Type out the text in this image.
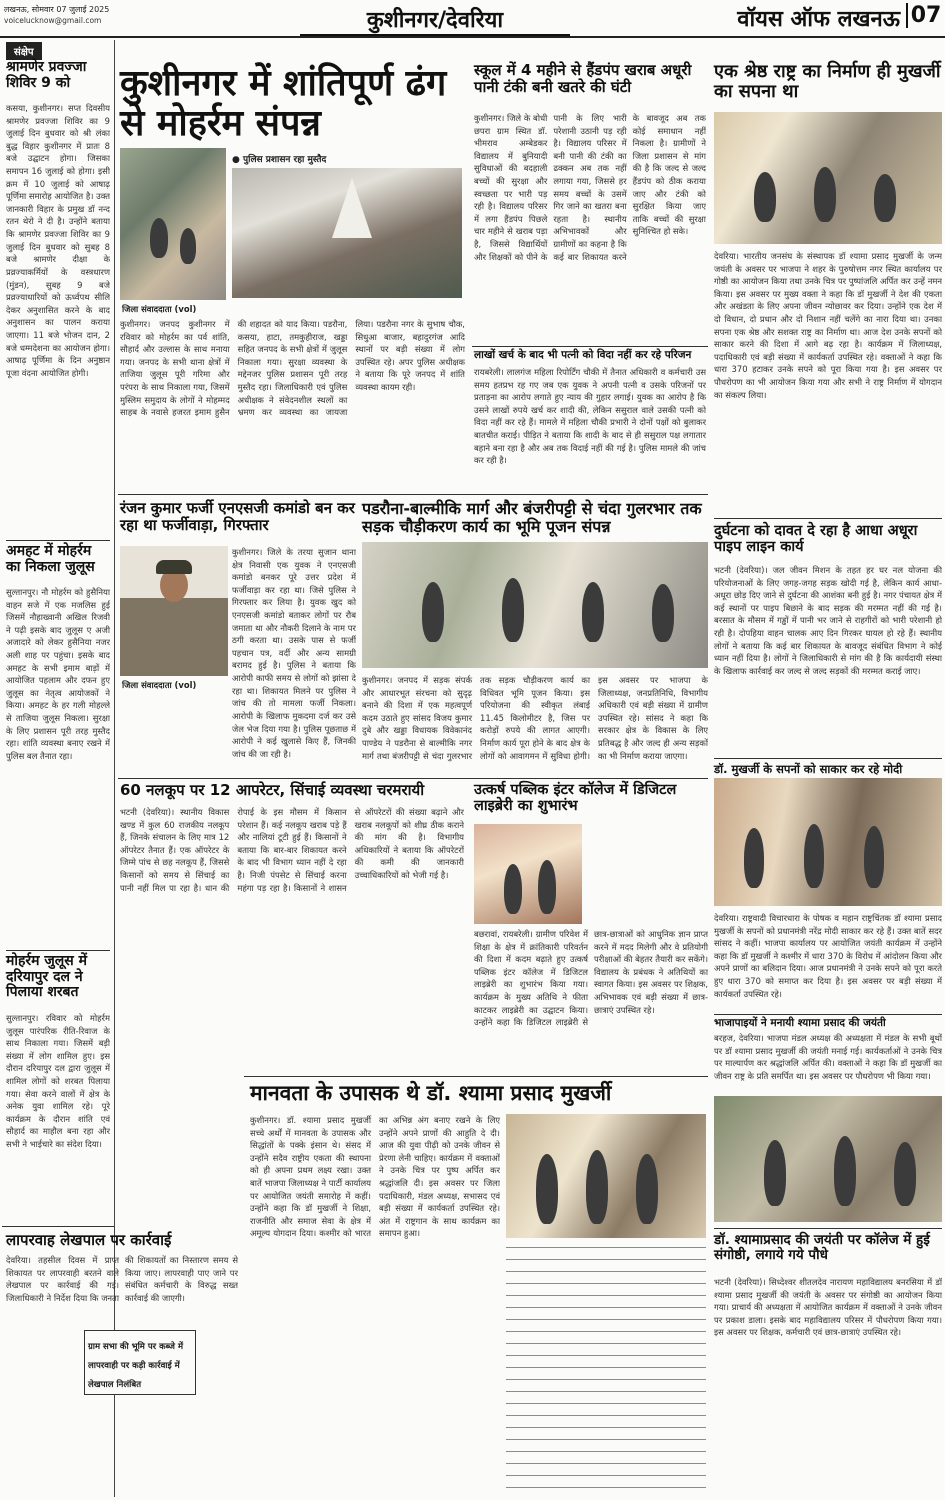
लखनऊ, सोमवार 07 जुलाई 2025
voicelucknow@gmail.com	कुशीनगर/देवरिया	वॉयस ऑफ लखनऊ 07
संक्षेप
श्रामणेर प्रवज्जा शिविर 9 को
कसया, कुशीनगर। सप्त दिवसीय श्रामणेर प्रवज्जा शिविर का 9 जुलाई दिन बुधवार को श्री लंका बुद्ध विहार कुशीनगर में प्रातः 8 बजे उद्घाटन होगा। जिसका समापन 16 जुलाई को होगा। इसी क्रम में 10 जुलाई को आषाढ़ पूर्णिमा समारोह आयोजित है। उक्त जानकारी विहार के प्रमुख डॉ नन्द रतन थेरो ने दी है। उन्होंने बताया कि श्रामणेर प्रवज्जा शिविर का 9 जुलाई दिन बुधवार को सुबह 8 बजे श्रामणेर दीक्षा के प्रव्रज्याकर्मियों के वस्त्रधारण (मुंडन), सुबह 9 बजे प्रव्रज्याधारियों को ऊर्ध्वपथ सीलि देकर अनुशासित करने के बाद अनुशासन का पालन कराया जाएगा। 11 बजे भोजन दान, 2 बजे धम्मदेशना का आयोजन होगा। आषाढ़ पूर्णिमा के दिन अनुष्ठान पूजा वंदना आयोजित होगी।
अमहट में मोहर्रम का निकला जुलूस
सुल्तानपुर। नौ मोहर्रम को हुसैनिया वाहन सजे में एक मजलिस हुई जिसमें नौहाख्वानी अखिल रिजवी ने पढ़ी इसके बाद जुलूस ए अजी अजादारे को लेकर हुसैनिया नजर अली शाह पर पहुंचा। इसके बाद अमहट के सभी इमाम बाड़ों में आयोजित पहलाम और दफन हुए जुलूस का नेतृत्व आयोजकों ने किया। अमहट के हर गली मोहल्ले से ताजिया जुलूस निकला। सुरक्षा के लिए प्रशासन पूरी तरह मुस्तैद रहा। शांति व्यवस्था बनाए रखने में पुलिस बल तैनात रहा।
मोहर्रम जुलूस में दरियापुर दल ने पिलाया शरबत
सुल्तानपुर। रविवार को मोहर्रम जुलूस पारंपरिक रीति-रिवाज के साथ निकाला गया। जिसमें बड़ी संख्या में लोग शामिल हुए। इस दौरान दरियापुर दल द्वारा जुलूस में शामिल लोगों को शरबत पिलाया गया। सेवा करने वालों में क्षेत्र के अनेक युवा शामिल रहे। पूरे कार्यक्रम के दौरान शांति एवं सौहार्द का माहौल बना रहा और सभी ने भाईचारे का संदेश दिया।
कुशीनगर में शांतिपूर्ण ढंग से मोहर्रम संपन्न
● पुलिस प्रशासन रहा मुस्तैद
जिला संवाददाता (vol)
कुशीनगर। जनपद कुशीनगर में रविवार को मोहर्रम का पर्व शांति, सौहार्द और उल्लास के साथ मनाया गया। जनपद के सभी थाना क्षेत्रों में ताजिया जुलूस पूरी गरिमा और परंपरा के साथ निकाला गया, जिसमें मुस्लिम समुदाय के लोगों ने मोहम्मद साहब के नवासे हजरत इमाम हुसैन की शहादत को याद किया। पडरौना, कसया, हाटा, तमकुहीराज, खड्डा सहित जनपद के सभी क्षेत्रों में जुलूस निकाला गया। सुरक्षा व्यवस्था के मद्देनजर पुलिस प्रशासन पूरी तरह मुस्तैद रहा। जिलाधिकारी एवं पुलिस अधीक्षक ने संवेदनशील स्थलों का भ्रमण कर व्यवस्था का जायजा लिया। पडरौना नगर के सुभाष चौक, सिधुआ बाजार, बहादुरगंज आदि स्थानों पर बड़ी संख्या में लोग उपस्थित रहे। अपर पुलिस अधीक्षक ने बताया कि पूरे जनपद में शांति व्यवस्था कायम रही।
स्कूल में 4 महीने से हैंडपंप खराब अधूरी पानी टंकी बनी खतरे की घंटी
कुशीनगर। जिले के बोधी छपरा ग्राम स्थित डॉ. भीमराव अम्बेडकर विद्यालय में बुनियादी सुविधाओं की बदहाली बच्चों की सुरक्षा और स्वच्छता पर भारी पड़ रही है। विद्यालय परिसर में लगा हैंडपंप पिछले चार महीने से खराब पड़ा है, जिससे विद्यार्थियों और शिक्षकों को पीने के पानी के लिए भारी परेशानी उठानी पड़ रही है। विद्यालय परिसर में बनी पानी की टंकी का ढक्कन अब तक नहीं लगाया गया, जिससे हर समय बच्चों के उसमें गिर जाने का खतरा बना रहता है। स्थानीय अभिभावकों और ग्रामीणों का कहना है कि कई बार शिकायत करने के बावजूद अब तक कोई समाधान नहीं निकला है। ग्रामीणों ने जिला प्रशासन से मांग की है कि जल्द से जल्द हैंडपंप को ठीक कराया जाए और टंकी को सुरक्षित किया जाए ताकि बच्चों की सुरक्षा सुनिश्चित हो सके।
लाखों खर्च के बाद भी पत्नी को विदा नहीं कर रहे परिजन
रायबरेली। लालगंज महिला रिपोर्टिंग चौकी में तैनात अधिकारी व कर्मचारी उस समय हतप्रभ रह गए जब एक युवक ने अपनी पत्नी व उसके परिजनों पर प्रताड़ना का आरोप लगाते हुए न्याय की गुहार लगाई। युवक का आरोप है कि उसने लाखों रुपये खर्च कर शादी की, लेकिन ससुराल वाले उसकी पत्नी को विदा नहीं कर रहे हैं। मामले में महिला चौकी प्रभारी ने दोनों पक्षों को बुलाकर बातचीत कराई। पीड़ित ने बताया कि शादी के बाद से ही ससुराल पक्ष लगातार बहाने बना रहा है और अब तक विदाई नहीं की गई है। पुलिस मामले की जांच कर रही है।
एक श्रेष्ठ राष्ट्र का निर्माण ही मुखर्जी का सपना था
देवरिया। भारतीय जनसंघ के संस्थापक डॉ श्यामा प्रसाद मुखर्जी के जन्म जयंती के अवसर पर भाजपा ने शहर के पुरुषोत्तम नगर स्थित कार्यालय पर गोष्ठी का आयोजन किया तथा उनके चित्र पर पुष्पांजलि अर्पित कर उन्हें नमन किया। इस अवसर पर मुख्य वक्ता ने कहा कि डॉ मुखर्जी ने देश की एकता और अखंडता के लिए अपना जीवन न्योछावर कर दिया। उन्होंने एक देश में दो विधान, दो प्रधान और दो निशान नहीं चलेंगे का नारा दिया था। उनका सपना एक श्रेष्ठ और सशक्त राष्ट्र का निर्माण था। आज देश उनके सपनों को साकार करने की दिशा में आगे बढ़ रहा है। कार्यक्रम में जिलाध्यक्ष, पदाधिकारी एवं बड़ी संख्या में कार्यकर्ता उपस्थित रहे। वक्ताओं ने कहा कि धारा 370 हटाकर उनके सपने को पूरा किया गया है। इस अवसर पर पौधरोपण का भी आयोजन किया गया और सभी ने राष्ट्र निर्माण में योगदान का संकल्प लिया।
रंजन कुमार फर्जी एनएसजी कमांडो बन कर रहा था फर्जीवाड़ा, गिरफ्तार
जिला संवाददाता (vol)
कुशीनगर। जिले के तरया सुजान थाना क्षेत्र निवासी एक युवक ने एनएसजी कमांडो बनकर पूरे उत्तर प्रदेश में फर्जीवाड़ा कर रहा था। जिसे पुलिस ने गिरफ्तार कर लिया है। युवक खुद को एनएसजी कमांडो बताकर लोगों पर रौब जमाता था और नौकरी दिलाने के नाम पर ठगी करता था। उसके पास से फर्जी पहचान पत्र, वर्दी और अन्य सामग्री बरामद हुई है। पुलिस ने बताया कि आरोपी काफी समय से लोगों को झांसा दे रहा था। शिकायत मिलने पर पुलिस ने जांच की तो मामला फर्जी निकला। आरोपी के खिलाफ मुकदमा दर्ज कर उसे जेल भेज दिया गया है। पुलिस पूछताछ में आरोपी ने कई खुलासे किए हैं, जिनकी जांच की जा रही है।
पडरौना-बाल्मीकि मार्ग और बंजरीपट्टी से चंदा गुलरभार तक सड़क चौड़ीकरण कार्य का भूमि पूजन संपन्न
कुशीनगर। जनपद में सड़क संपर्क और आधारभूत संरचना को सुदृढ़ बनाने की दिशा में एक महत्वपूर्ण कदम उठाते हुए सांसद विजय कुमार दुबे और खड्डा विधायक विवेकानंद पाण्डेय ने पडरौना से बाल्मीकि नगर मार्ग तथा बंजरीपट्टी से चंदा गुलरभार तक सड़क चौड़ीकरण कार्य का विधिवत भूमि पूजन किया। इस परियोजना की स्वीकृत लंबाई 11.45 किलोमीटर है, जिस पर करोड़ों रुपये की लागत आएगी। निर्माण कार्य पूरा होने के बाद क्षेत्र के लोगों को आवागमन में सुविधा होगी। इस अवसर पर भाजपा के जिलाध्यक्ष, जनप्रतिनिधि, विभागीय अधिकारी एवं बड़ी संख्या में ग्रामीण उपस्थित रहे। सांसद ने कहा कि सरकार क्षेत्र के विकास के लिए प्रतिबद्ध है और जल्द ही अन्य सड़कों का भी निर्माण कराया जाएगा।
दुर्घटना को दावत दे रहा है आधा अधूरा पाइप लाइन कार्य
भटनी (देवरिया)। जल जीवन मिशन के तहत हर घर नल योजना की परियोजनाओं के लिए जगह-जगह सड़क खोदी गई है, लेकिन कार्य आधा-अधूरा छोड़ दिए जाने से दुर्घटना की आशंका बनी हुई है। नगर पंचायत क्षेत्र में कई स्थानों पर पाइप बिछाने के बाद सड़क की मरम्मत नहीं की गई है। बरसात के मौसम में गड्ढों में पानी भर जाने से राहगीरों को भारी परेशानी हो रही है। दोपहिया वाहन चालक आए दिन गिरकर घायल हो रहे हैं। स्थानीय लोगों ने बताया कि कई बार शिकायत के बावजूद संबंधित विभाग ने कोई ध्यान नहीं दिया है। लोगों ने जिलाधिकारी से मांग की है कि कार्यदायी संस्था के खिलाफ कार्रवाई कर जल्द से जल्द सड़कों की मरम्मत कराई जाए।
डॉ. मुखर्जी के सपनों को साकार कर रहे मोदी
देवरिया। राष्ट्रवादी विचारधारा के पोषक व महान राष्ट्रचिंतक डॉ श्यामा प्रसाद मुखर्जी के सपनों को प्रधानमंत्री नरेंद्र मोदी साकार कर रहे हैं। उक्त बातें सदर सांसद ने कहीं। भाजपा कार्यालय पर आयोजित जयंती कार्यक्रम में उन्होंने कहा कि डॉ मुखर्जी ने कश्मीर में धारा 370 के विरोध में आंदोलन किया और अपने प्राणों का बलिदान दिया। आज प्रधानमंत्री ने उनके सपने को पूरा करते हुए धारा 370 को समाप्त कर दिया है। इस अवसर पर बड़ी संख्या में कार्यकर्ता उपस्थित रहे।
भाजापाइयों ने मनायी श्यामा प्रसाद की जयंती
बरहज, देवरिया। भाजपा मंडल अध्यक्ष की अध्यक्षता में मंडल के सभी बूथों पर डॉ श्यामा प्रसाद मुखर्जी की जयंती मनाई गई। कार्यकर्ताओं ने उनके चित्र पर माल्यार्पण कर श्रद्धांजलि अर्पित की। वक्ताओं ने कहा कि डॉ मुखर्जी का जीवन राष्ट्र के प्रति समर्पित था। इस अवसर पर पौधरोपण भी किया गया।
डॉ. श्यामाप्रसाद की जयंती पर कॉलेज में हुई संगोष्ठी, लगाये गये पौधे
भटनी (देवरिया)। सिध्देश्वर शीतलदेव नारायण महाविद्यालय बनरसिया में डॉ श्यामा प्रसाद मुखर्जी की जयंती के अवसर पर संगोष्ठी का आयोजन किया गया। प्राचार्य की अध्यक्षता में आयोजित कार्यक्रम में वक्ताओं ने उनके जीवन पर प्रकाश डाला। इसके बाद महाविद्यालय परिसर में पौधरोपण किया गया। इस अवसर पर शिक्षक, कर्मचारी एवं छात्र-छात्राएं उपस्थित रहे।
60 नलकूप पर 12 आपरेटर, सिंचाई व्यवस्था चरमरायी
भटनी (देवरिया)। स्थानीय विकास खण्ड में कुल 60 राजकीय नलकूप हैं, जिनके संचालन के लिए मात्र 12 ऑपरेटर तैनात हैं। एक ऑपरेटर के जिम्मे पांच से छह नलकूप हैं, जिससे किसानों को समय से सिंचाई का पानी नहीं मिल पा रहा है। धान की रोपाई के इस मौसम में किसान परेशान हैं। कई नलकूप खराब पड़े हैं और नालियां टूटी हुई हैं। किसानों ने बताया कि बार-बार शिकायत करने के बाद भी विभाग ध्यान नहीं दे रहा है। निजी पंपसेट से सिंचाई करना महंगा पड़ रहा है। किसानों ने शासन से ऑपरेटरों की संख्या बढ़ाने और खराब नलकूपों को शीघ्र ठीक कराने की मांग की है। विभागीय अधिकारियों ने बताया कि ऑपरेटरों की कमी की जानकारी उच्चाधिकारियों को भेजी गई है।
उत्कर्ष पब्लिक इंटर कॉलेज में डिजिटल लाइब्रेरी का शुभारंभ
बछरावां, रायबरेली। ग्रामीण परिवेश में शिक्षा के क्षेत्र में क्रांतिकारी परिवर्तन की दिशा में कदम बढ़ाते हुए उत्कर्ष पब्लिक इंटर कॉलेज में डिजिटल लाइब्रेरी का शुभारंभ किया गया। कार्यक्रम के मुख्य अतिथि ने फीता काटकर लाइब्रेरी का उद्घाटन किया। उन्होंने कहा कि डिजिटल लाइब्रेरी से छात्र-छात्राओं को आधुनिक ज्ञान प्राप्त करने में मदद मिलेगी और वे प्रतियोगी परीक्षाओं की बेहतर तैयारी कर सकेंगे। विद्यालय के प्रबंधक ने अतिथियों का स्वागत किया। इस अवसर पर शिक्षक, अभिभावक एवं बड़ी संख्या में छात्र-छात्राएं उपस्थित रहे।
लापरवाह लेखपाल पर कार्रवाई
देवरिया। तहसील दिवस में प्राप्त शिकायत पर लापरवाही बरतने वाले लेखपाल पर कार्रवाई की गई। जिलाधिकारी ने निर्देश दिया कि जनता की शिकायतों का निस्तारण समय से किया जाए। लापरवाही पाए जाने पर संबंधित कर्मचारी के विरुद्ध सख्त कार्रवाई की जाएगी।
ग्राम सभा की भूमि पर कब्जे में लापरवाही पर कड़ी कार्रवाई में लेखपाल निलंबित
मानवता के उपासक थे डॉ. श्यामा प्रसाद मुखर्जी
कुशीनगर। डॉ. श्यामा प्रसाद मुखर्जी सच्चे अर्थों में मानवता के उपासक और सिद्धांतों के पक्के इंसान थे। संसद में उन्होंने सदैव राष्ट्रीय एकता की स्थापना को ही अपना प्रथम लक्ष्य रखा। उक्त बातें भाजपा जिलाध्यक्ष ने पार्टी कार्यालय पर आयोजित जयंती समारोह में कहीं। उन्होंने कहा कि डॉ मुखर्जी ने शिक्षा, राजनीति और समाज सेवा के क्षेत्र में अमूल्य योगदान दिया। कश्मीर को भारत का अभिन्न अंग बनाए रखने के लिए उन्होंने अपने प्राणों की आहुति दे दी। आज की युवा पीढ़ी को उनके जीवन से प्रेरणा लेनी चाहिए। कार्यक्रम में वक्ताओं ने उनके चित्र पर पुष्प अर्पित कर श्रद्धांजलि दी। इस अवसर पर जिला पदाधिकारी, मंडल अध्यक्ष, सभासद एवं बड़ी संख्या में कार्यकर्ता उपस्थित रहे। अंत में राष्ट्रगान के साथ कार्यक्रम का समापन हुआ।
